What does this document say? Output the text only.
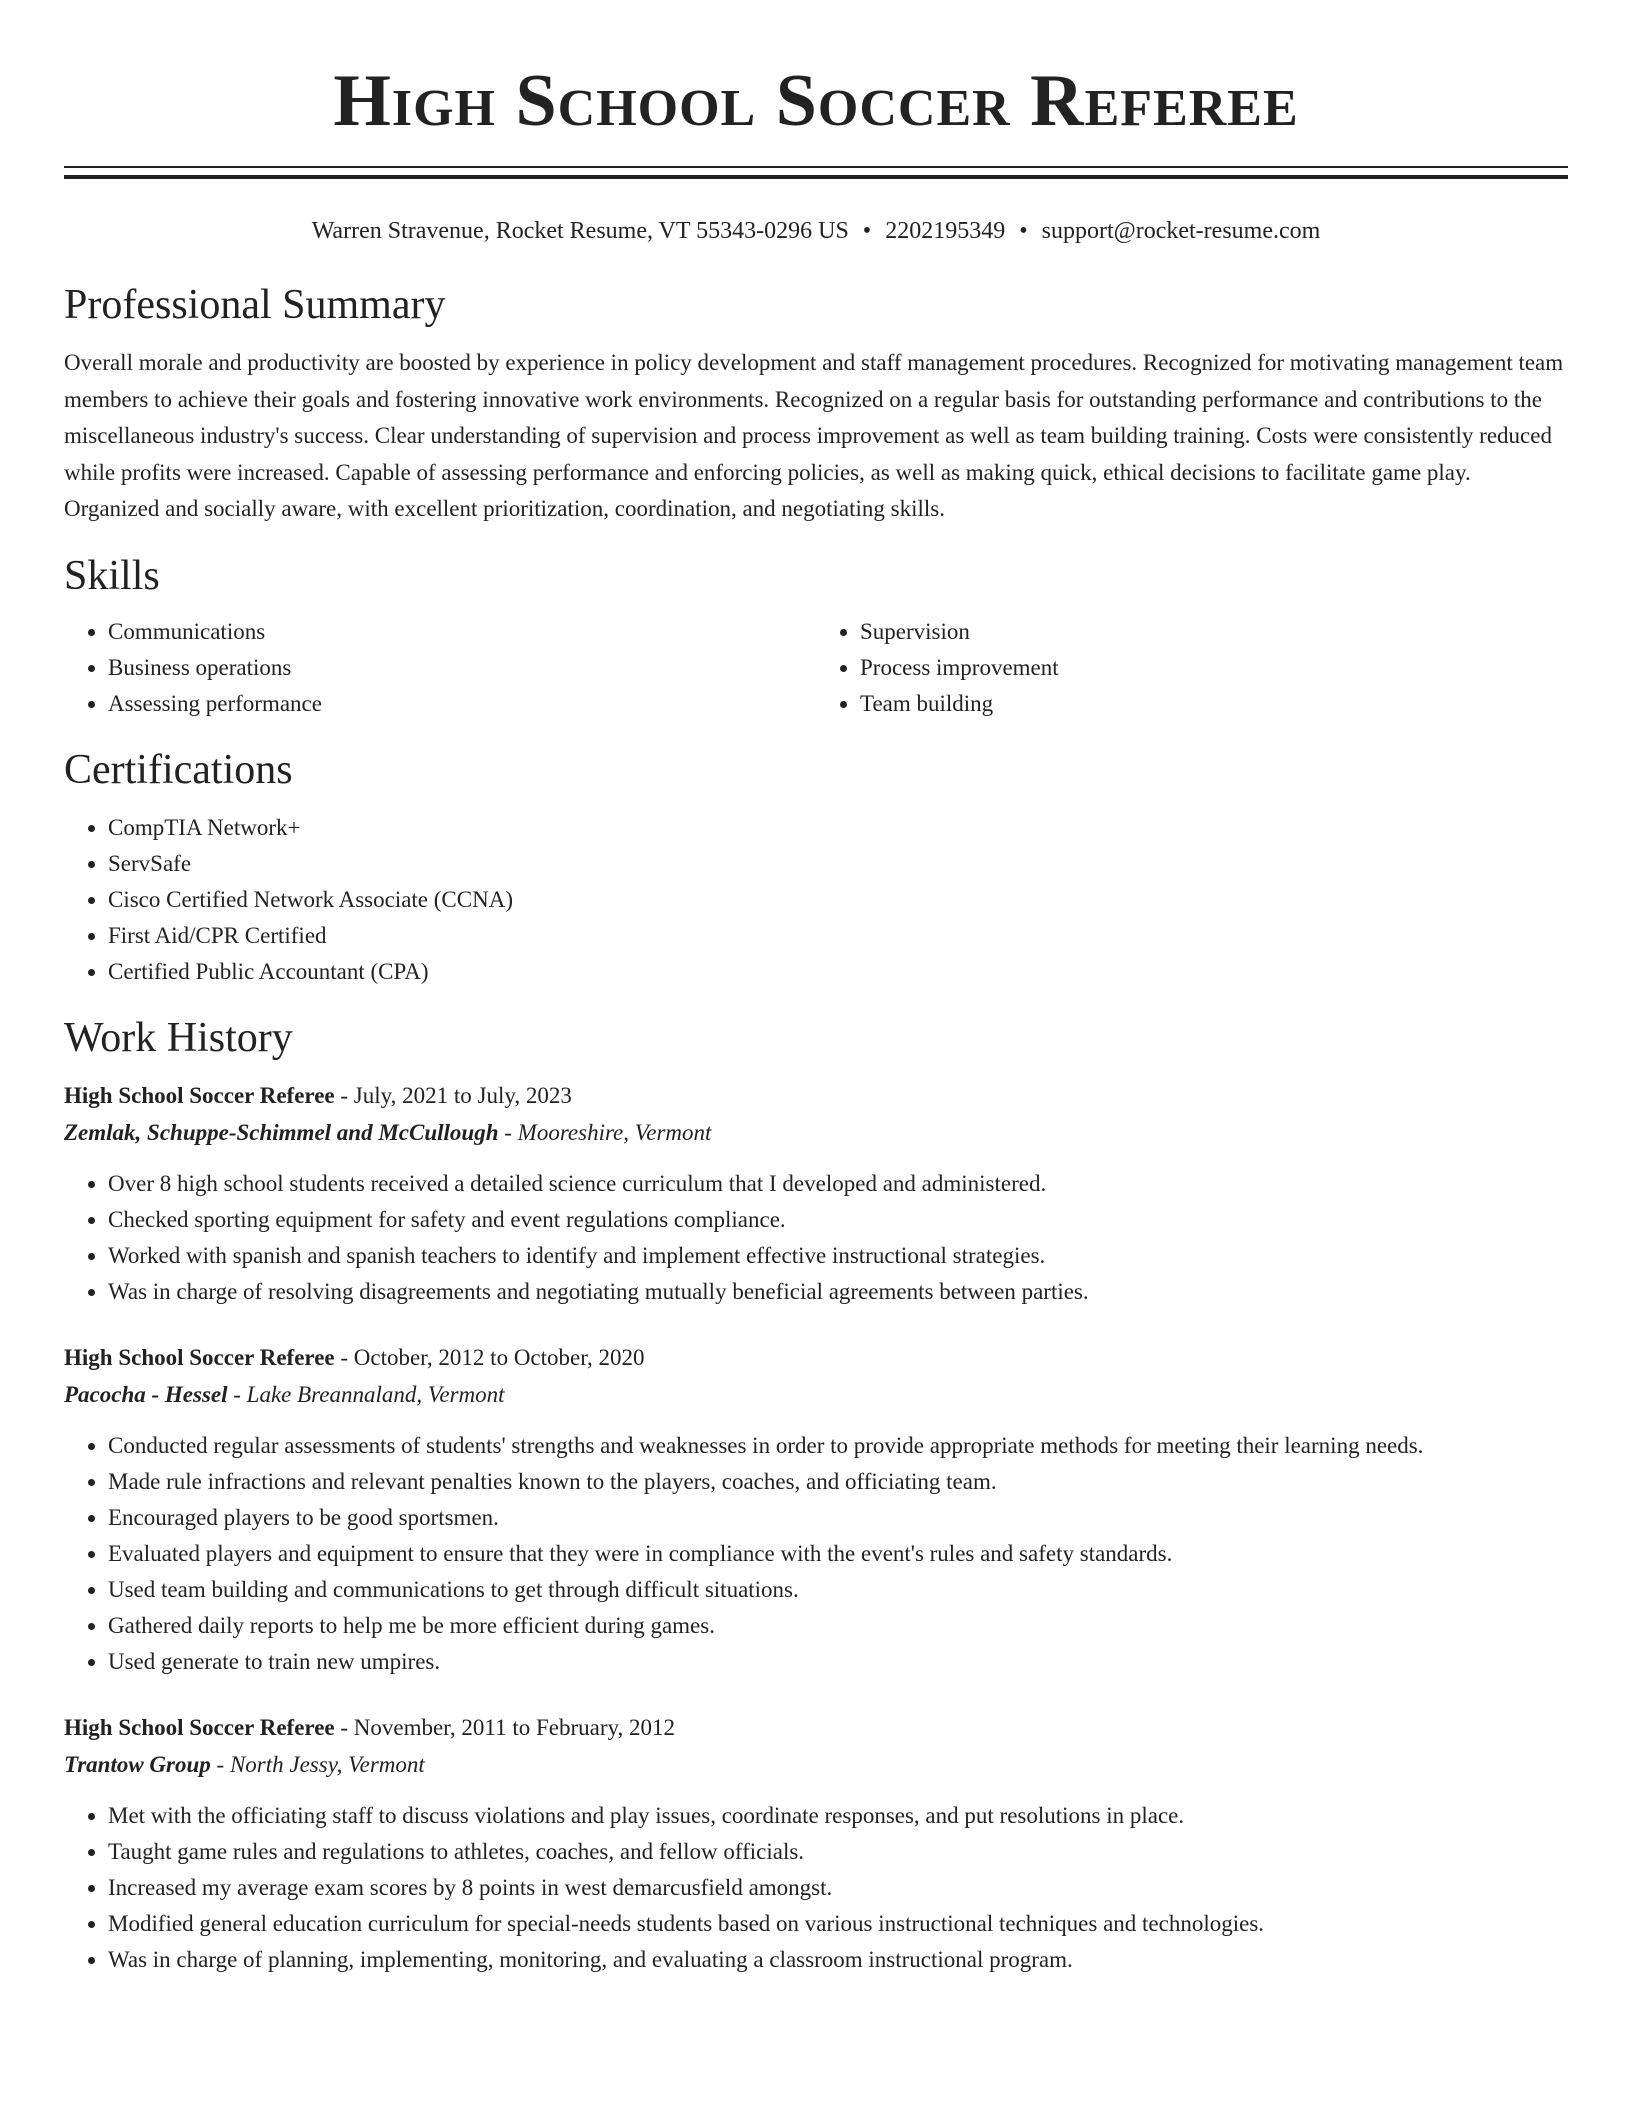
High School Soccer Referee
Warren Stravenue, Rocket Resume, VT 55343-0296 US • 2202195349 • support@rocket-resume.com
Professional Summary

Overall morale and productivity are boosted by experience in policy development and staff management procedures. Recognized for motivating management team members to achieve their goals and fostering innovative work environments. Recognized on a regular basis for outstanding performance and contributions to the miscellaneous industry's success. Clear understanding of supervision and process improvement as well as team building training. Costs were consistently reduced while profits were increased. Capable of assessing performance and enforcing policies, as well as making quick, ethical decisions to facilitate game play. Organized and socially aware, with excellent prioritization, coordination, and negotiating skills.

Skills
• Communications
• Business operations
• Assessing performance
• Supervision
• Process improvement
• Team building
Certifications
• CompTIA Network+
• ServSafe
• Cisco Certified Network Associate (CCNA)
• First Aid/CPR Certified
• Certified Public Accountant (CPA)
Work History
High School Soccer Referee - July, 2021 to July, 2023
Zemlak, Schuppe-Schimmel and McCullough - Mooreshire, Vermont
• Over 8 high school students received a detailed science curriculum that I developed and administered.
• Checked sporting equipment for safety and event regulations compliance.
• Worked with spanish and spanish teachers to identify and implement effective instructional strategies.
• Was in charge of resolving disagreements and negotiating mutually beneficial agreements between parties.
High School Soccer Referee - October, 2012 to October, 2020
Pacocha - Hessel - Lake Breannaland, Vermont
• Conducted regular assessments of students' strengths and weaknesses in order to provide appropriate methods for meeting their learning needs.
• Made rule infractions and relevant penalties known to the players, coaches, and officiating team.
• Encouraged players to be good sportsmen.
• Evaluated players and equipment to ensure that they were in compliance with the event's rules and safety standards.
• Used team building and communications to get through difficult situations.
• Gathered daily reports to help me be more efficient during games.
• Used generate to train new umpires.
High School Soccer Referee - November, 2011 to February, 2012
Trantow Group - North Jessy, Vermont
• Met with the officiating staff to discuss violations and play issues, coordinate responses, and put resolutions in place.
• Taught game rules and regulations to athletes, coaches, and fellow officials.
• Increased my average exam scores by 8 points in west demarcusfield amongst.
• Modified general education curriculum for special-needs students based on various instructional techniques and technologies.
• Was in charge of planning, implementing, monitoring, and evaluating a classroom instructional program.
